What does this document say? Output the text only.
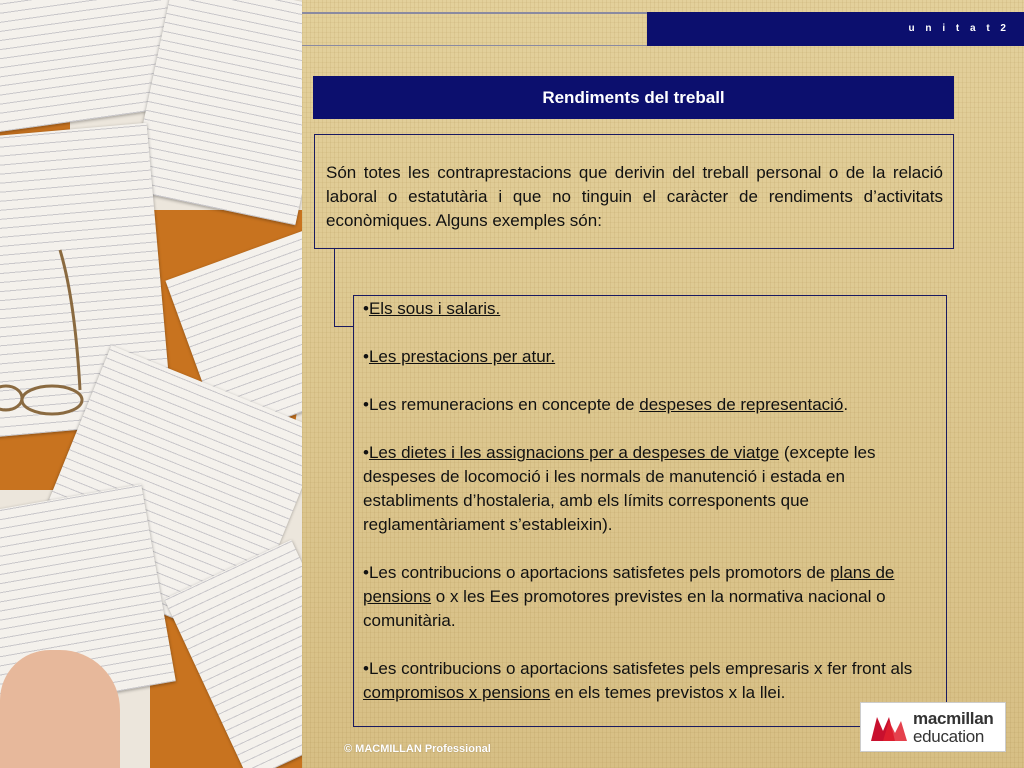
u n i t a t 2
Rendiments del treball
Són totes les contraprestacions que derivin del treball personal o de la relació laboral o estatutària i que no tinguin el caràcter de rendiments d’activitats econòmiques. Alguns exemples són:

•Els sous i salaris.

•Les prestacions per atur.

•Les remuneracions en concepte de despeses de representació.

•Les dietes i les assignacions per a despeses de viatge (excepte les despeses de locomoció i les normals de manutenció i estada en establiments d’hostaleria, amb els límits corresponents que reglamentàriament s’estableixin).

•Les contribucions o aportacions satisfetes pels promotors de plans de pensions o x les Ees promotores previstes en la normativa nacional o comunitària.

•Les contribucions o aportacions satisfetes pels empresaris x fer front als compromisos x pensions en els temes previstos x la llei.

© MACMILLAN Professional
macmillan
education
